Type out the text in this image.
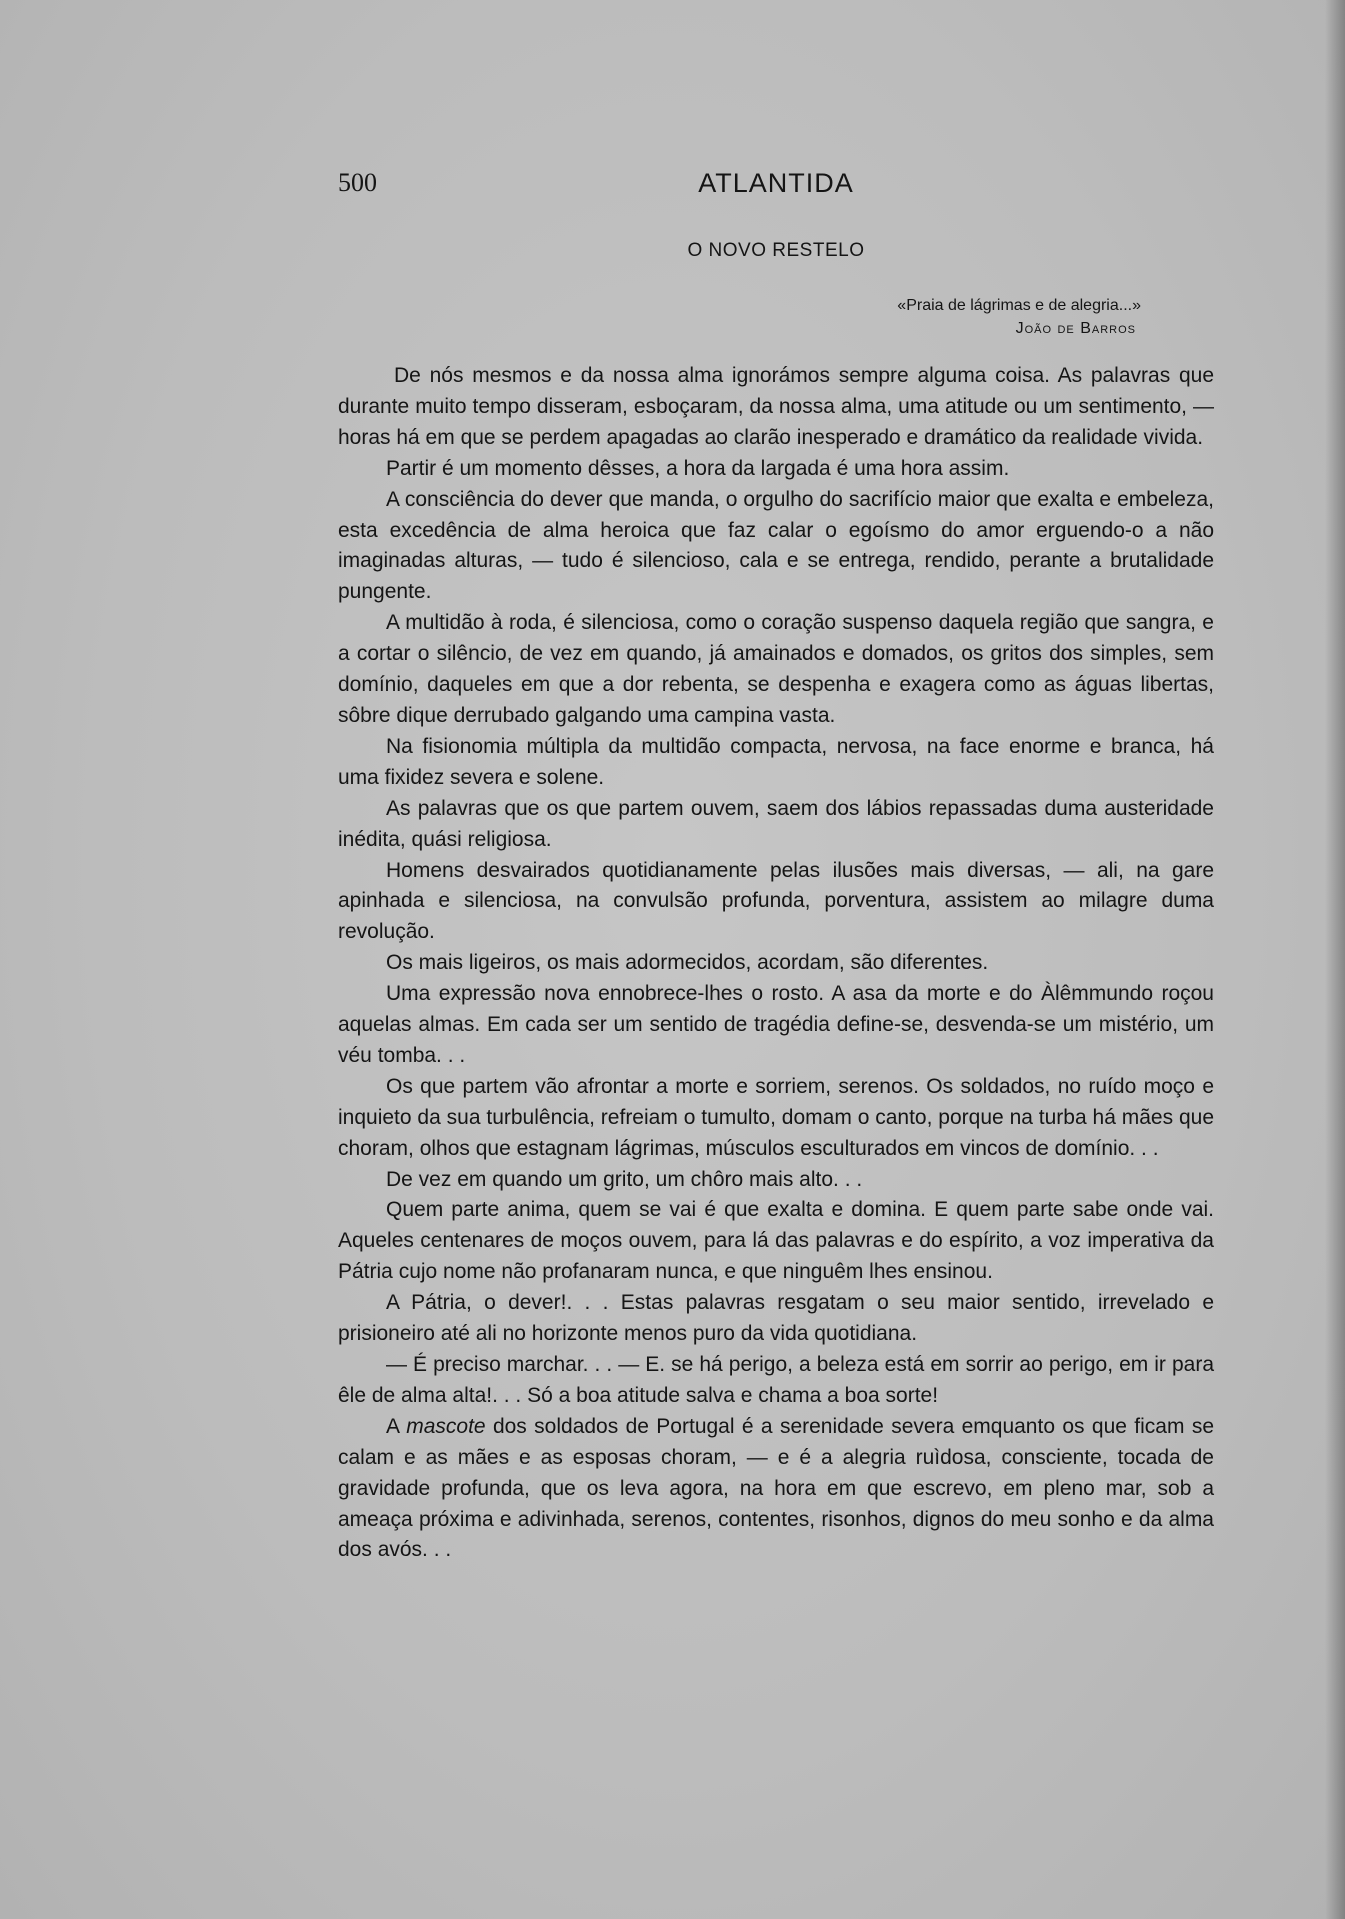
500	ATLANTIDA
O NOVO RESTELO
«Praia de lágrimas e de alegria...»
João de Barros

De nós mesmos e da nossa alma ignorámos sempre alguma coisa. As palavras que durante muito tempo disseram, esboçaram, da nossa alma, uma atitude ou um sentimento, — horas há em que se perdem apagadas ao clarão inesperado e dramático da realidade vivida.

Partir é um momento dêsses, a hora da largada é uma hora assim.

A consciência do dever que manda, o orgulho do sacrifício maior que exalta e embeleza, esta excedência de alma heroica que faz calar o egoísmo do amor erguendo-o a não imaginadas alturas, — tudo é silencioso, cala e se entrega, rendido, perante a brutalidade pungente.

A multidão à roda, é silenciosa, como o coração suspenso daquela região que sangra, e a cortar o silêncio, de vez em quando, já amainados e domados, os gritos dos simples, sem domínio, daqueles em que a dor rebenta, se despenha e exagera como as águas libertas, sôbre dique derrubado galgando uma campina vasta.

Na fisionomia múltipla da multidão compacta, nervosa, na face enorme e branca, há uma fixidez severa e solene.

As palavras que os que partem ouvem, saem dos lábios repassadas duma austeridade inédita, quási religiosa.

Homens desvairados quotidianamente pelas ilusões mais diversas, — ali, na gare apinhada e silenciosa, na convulsão profunda, porventura, assistem ao milagre duma revolução.

Os mais ligeiros, os mais adormecidos, acordam, são diferentes.

Uma expressão nova ennobrece-lhes o rosto. A asa da morte e do Àlêmmundo roçou aquelas almas. Em cada ser um sentido de tragédia define-se, desvenda-se um mistério, um véu tomba. . .

Os que partem vão afrontar a morte e sorriem, serenos. Os soldados, no ruído moço e inquieto da sua turbulência, refreiam o tumulto, domam o canto, porque na turba há mães que choram, olhos que estagnam lágrimas, músculos esculturados em vincos de domínio. . .

De vez em quando um grito, um chôro mais alto. . .

Quem parte anima, quem se vai é que exalta e domina. E quem parte sabe onde vai. Aqueles centenares de moços ouvem, para lá das palavras e do espírito, a voz imperativa da Pátria cujo nome não profanaram nunca, e que ninguêm lhes ensinou.

A Pátria, o dever!. . . Estas palavras resgatam o seu maior sentido, irrevelado e prisioneiro até ali no horizonte menos puro da vida quotidiana.

— É preciso marchar. . . — E. se há perigo, a beleza está em sorrir ao perigo, em ir para êle de alma alta!. . . Só a boa atitude salva e chama a boa sorte!

A mascote dos soldados de Portugal é a serenidade severa emquanto os que ficam se calam e as mães e as esposas choram, — e é a alegria ruìdosa, consciente, tocada de gravidade profunda, que os leva agora, na hora em que escrevo, em pleno mar, sob a ameaça próxima e adivinhada, serenos, contentes, risonhos, dignos do meu sonho e da alma dos avós. . .
